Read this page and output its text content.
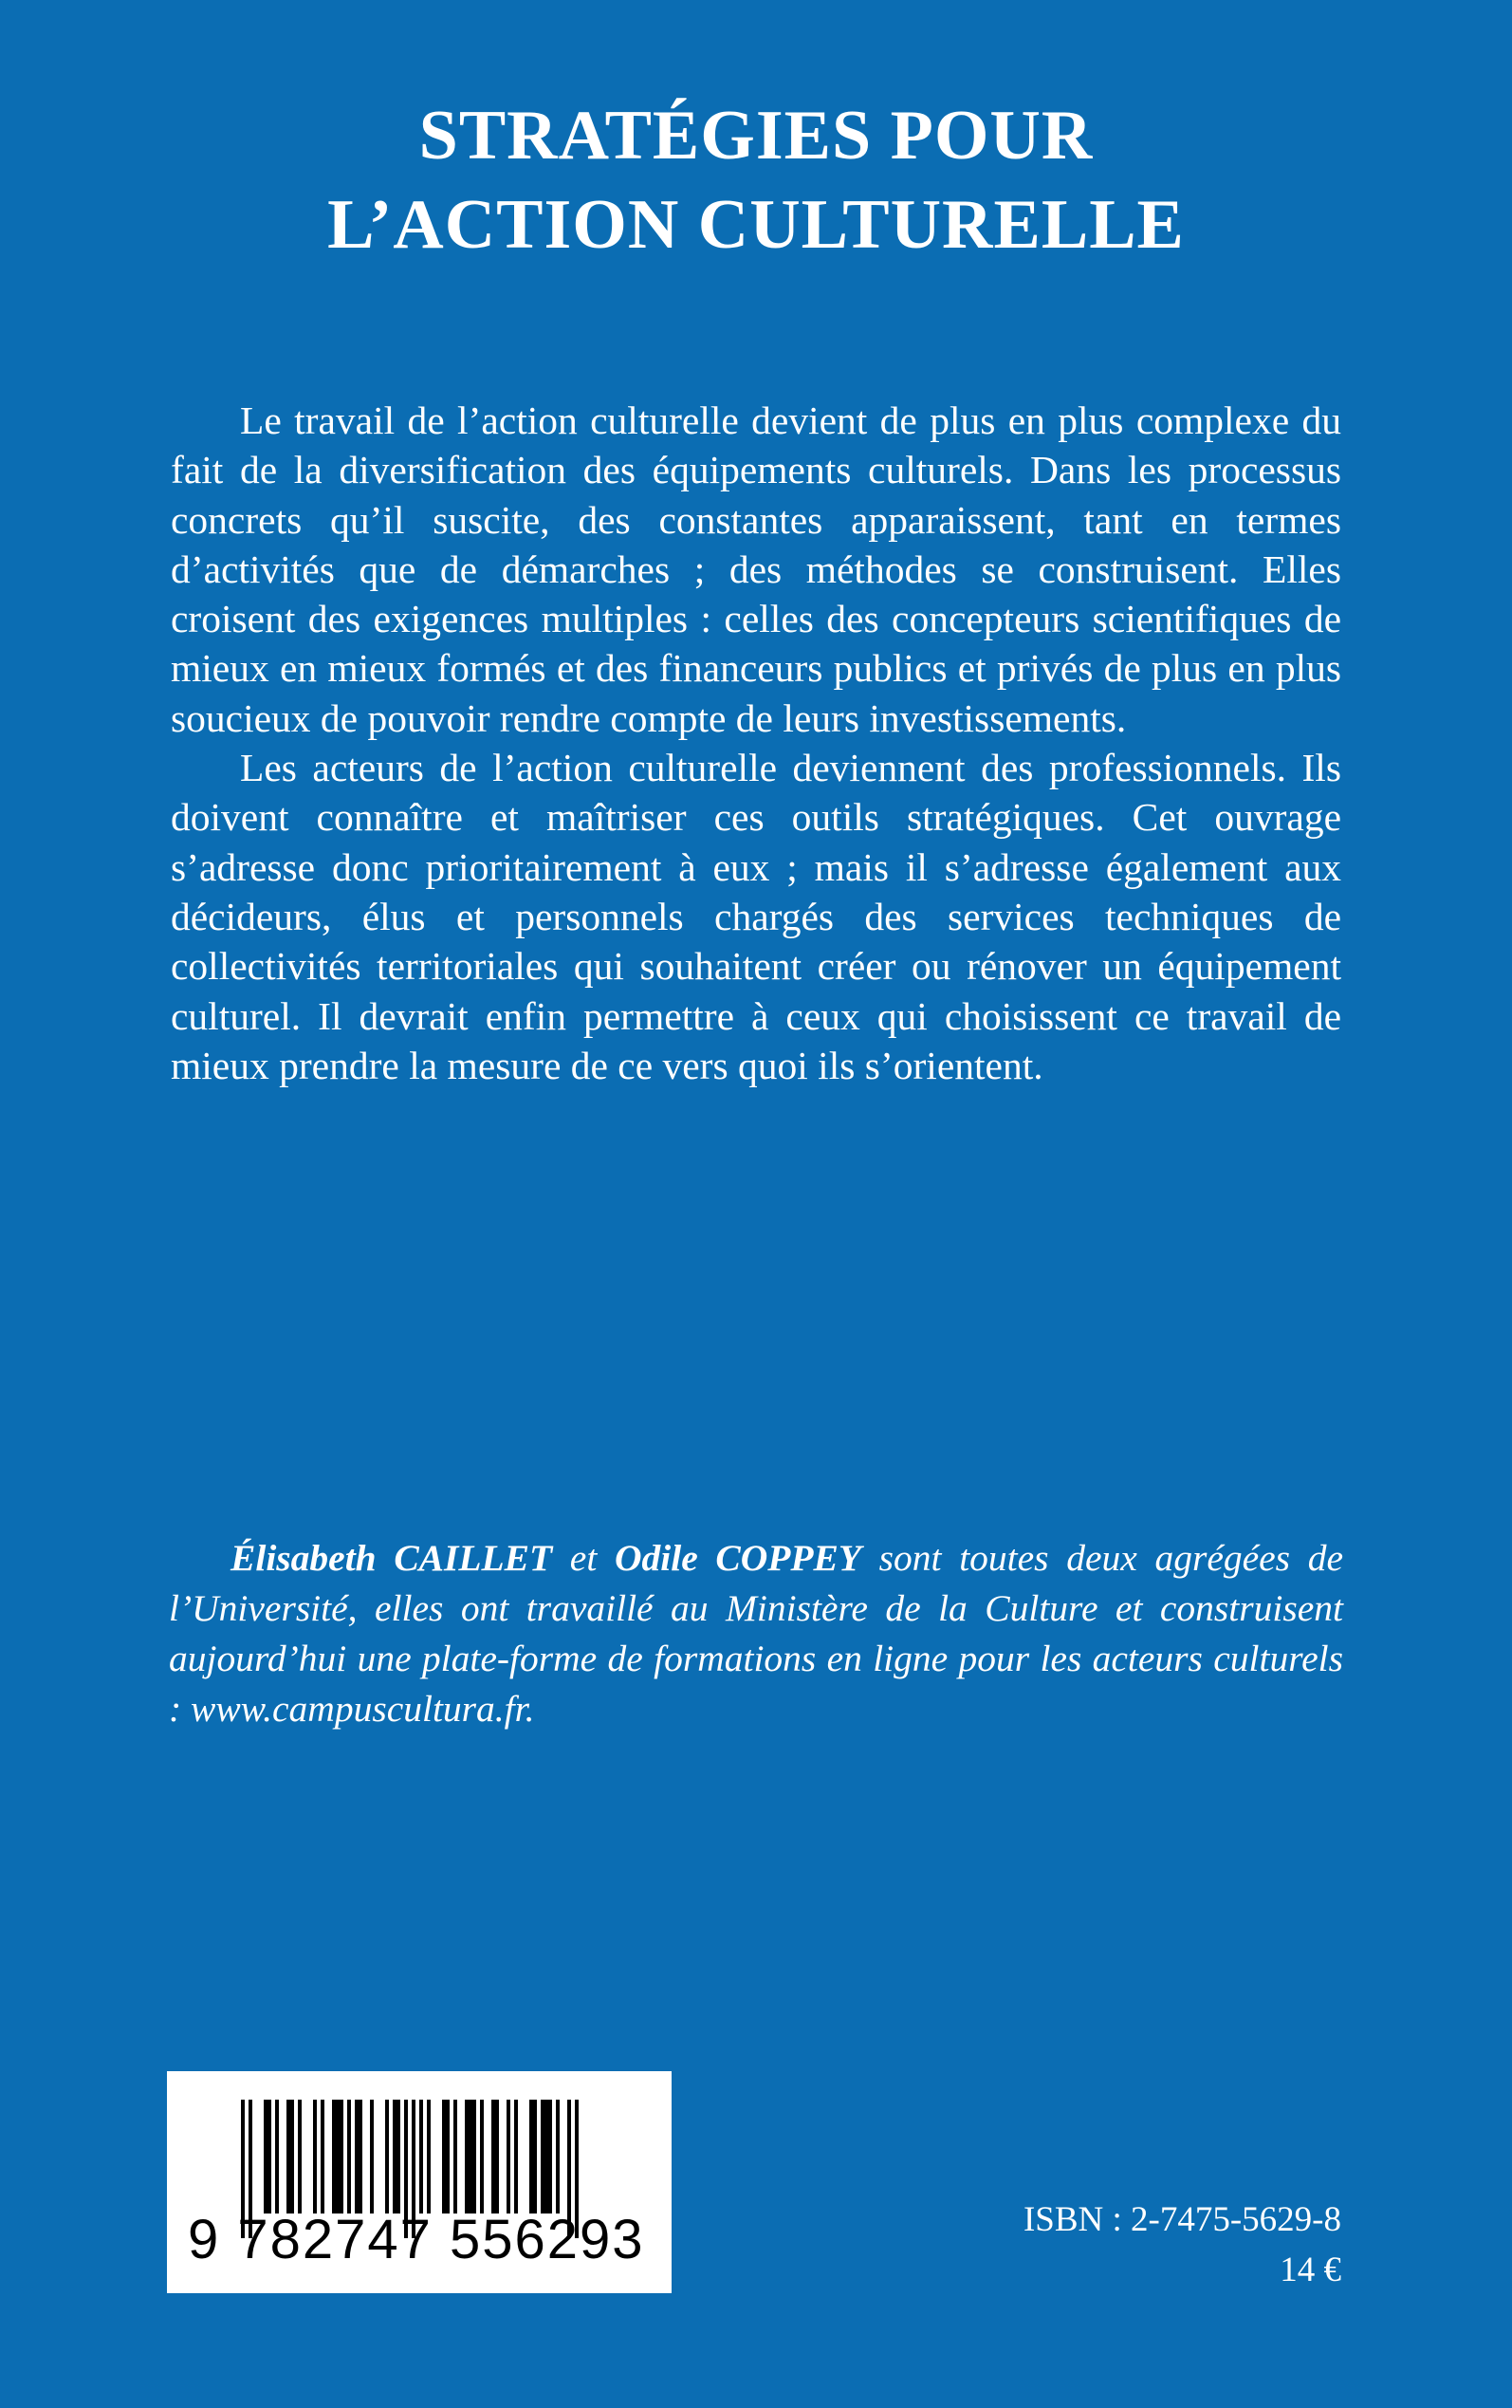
STRATÉGIES POUR
L’ACTION CULTURELLE

Le travail de l’action culturelle devient de plus en plus complexe du fait de la diversification des équipements culturels. Dans les processus concrets qu’il suscite, des constantes apparaissent, tant en termes d’activités que de démarches ; des méthodes se construisent. Elles croisent des exigences multiples : celles des concepteurs scientifiques de mieux en mieux formés et des financeurs publics et privés de plus en plus soucieux de pouvoir rendre compte de leurs investissements.

Les acteurs de l’action culturelle deviennent des professionnels. Ils doivent connaître et maîtriser ces outils stratégiques. Cet ouvrage s’adresse donc prioritairement à eux ; mais il s’adresse également aux décideurs, élus et personnels chargés des services techniques de collectivités territoriales qui souhaitent créer ou rénover un équipement culturel. Il devrait enfin permettre à ceux qui choisissent ce travail de mieux prendre la mesure de ce vers quoi ils s’orientent.

Élisabeth CAILLET et Odile COPPEY sont toutes deux agrégées de l’Université, elles ont travaillé au Ministère de la Culture et construisent aujourd’hui une plate-forme de formations en ligne pour les acteurs culturels : www.campuscultura.fr.

9 782747 556293	ISBN : 2-7475-5629-8
14 €
